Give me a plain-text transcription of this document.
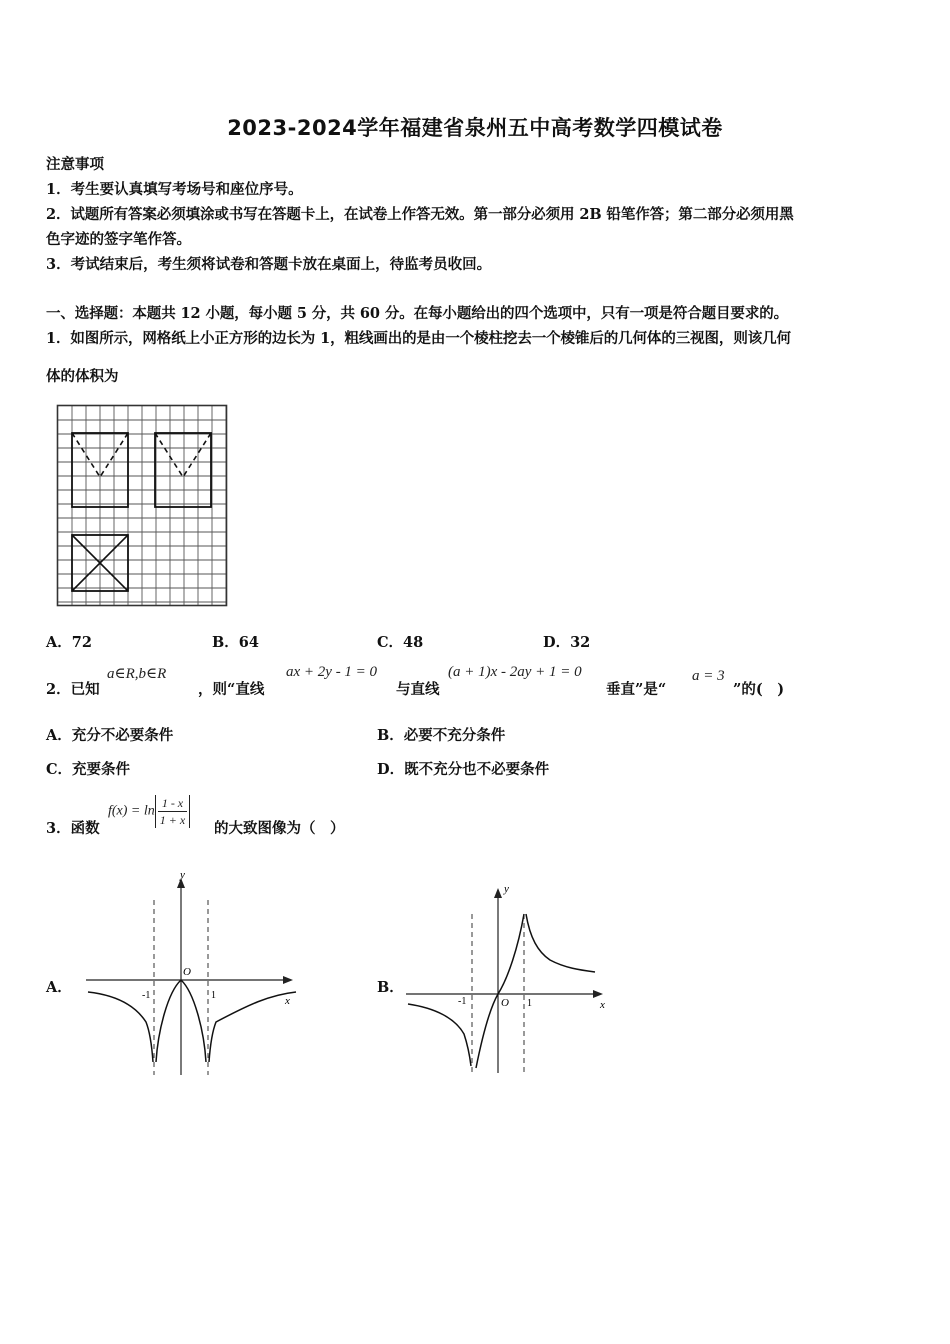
2023-2024学年福建省泉州五中高考数学四模试卷
注意事项
1．考生要认真填写考场号和座位序号。
2．试题所有答案必须填涂或书写在答题卡上，在试卷上作答无效。第一部分必须用 2B 铅笔作答；第二部分必须用黑
色字迹的签字笔作答。
3．考试结束后，考生须将试卷和答题卡放在桌面上，待监考员收回。
一、选择题：本题共 12 小题，每小题 5 分，共 60 分。在每小题给出的四个选项中，只有一项是符合题目要求的。
1．如图所示，网格纸上小正方形的边长为 1，粗线画出的是由一个棱柱挖去一个棱锥后的几何体的三视图，则该几何
体的体积为
A．72	B．64	C．48	D．32
2．已知
a∈R,b∈R
，则“直线
ax + 2y - 1 = 0
与直线
(a + 1)x - 2ay + 1 = 0
垂直”是“
a = 3
”的(　)
A．充分不必要条件	B．必要不充分条件
C．充要条件	D．既不充分也不必要条件
3．函数
$f(x) = \ln \frac{1 - x}{1 + x}$
的大致图像为（　）
A．
y
x
O
-1	1	B．
y
x
O
-1	1
